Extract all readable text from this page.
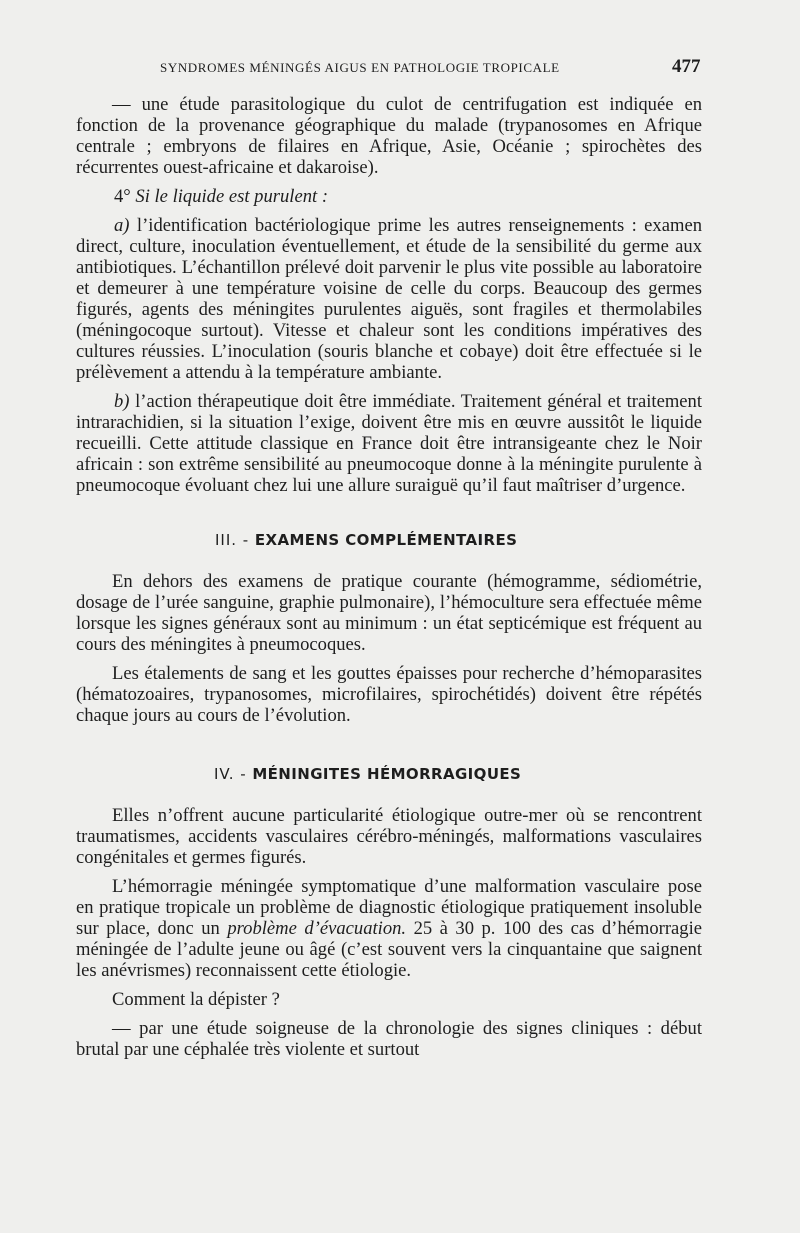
SYNDROMES MÉNINGÉS AIGUS EN PATHOLOGIE TROPICALE	477

— une étude parasitologique du culot de centrifugation est indiquée en fonction de la provenance géographique du malade (trypanosomes en Afrique centrale ; embryons de filaires en Afrique, Asie, Océanie ; spirochètes des récurrentes ouest-africaine et dakaroise).

4° Si le liquide est purulent :

a) l’identification bactériologique prime les autres renseignements : examen direct, culture, inoculation éventuellement, et étude de la sensibilité du germe aux antibiotiques. L’échantillon prélevé doit parvenir le plus vite possible au laboratoire et demeurer à une température voisine de celle du corps. Beaucoup des germes figurés, agents des méningites purulentes aiguës, sont fragiles et thermolabiles (méningocoque surtout). Vitesse et chaleur sont les conditions impératives des cultures réussies. L’inoculation (souris blanche et cobaye) doit être effectuée si le prélèvement a attendu à la température ambiante.

b) l’action thérapeutique doit être immédiate. Traitement général et traitement intrarachidien, si la situation l’exige, doivent être mis en œuvre aussitôt le liquide recueilli. Cette attitude classique en France doit être intransigeante chez le Noir africain : son extrême sensibilité au pneumocoque donne à la méningite purulente à pneumocoque évoluant chez lui une allure suraiguë qu’il faut maîtriser d’urgence.

III. - EXAMENS COMPLÉMENTAIRES

En dehors des examens de pratique courante (hémogramme, sédiométrie, dosage de l’urée sanguine, graphie pulmonaire), l’hémoculture sera effectuée même lorsque les signes généraux sont au minimum : un état septicémique est fréquent au cours des méningites à pneumocoques.

Les étalements de sang et les gouttes épaisses pour recherche d’hémoparasites (hématozoaires, trypanosomes, microfilaires, spirochétidés) doivent être répétés chaque jours au cours de l’évolution.

IV. - MÉNINGITES HÉMORRAGIQUES

Elles n’offrent aucune particularité étiologique outre-mer où se rencontrent traumatismes, accidents vasculaires cérébro-méningés, malformations vasculaires congénitales et germes figurés.

L’hémorragie méningée symptomatique d’une malformation vasculaire pose en pratique tropicale un problème de diagnostic étiologique pratiquement insoluble sur place, donc un problème d’évacuation. 25 à 30 p. 100 des cas d’hémorragie méningée de l’adulte jeune ou âgé (c’est souvent vers la cinquantaine que saignent les anévrismes) reconnaissent cette étiologie.

Comment la dépister ?

— par une étude soigneuse de la chronologie des signes cliniques : début brutal par une céphalée très violente et surtout
